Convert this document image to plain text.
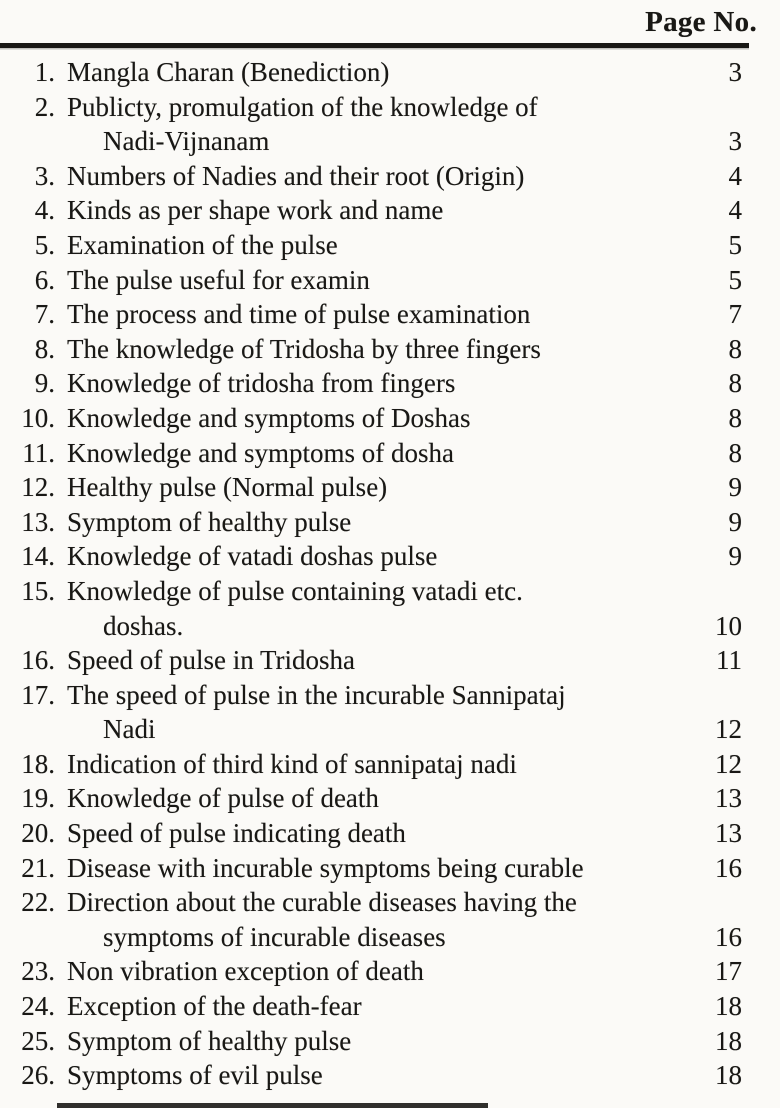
Page No.
1. Mangla Charan (Benediction)	3
2. Publicty, promulgation of the knowledge of
Nadi-Vijnanam	3
3. Numbers of Nadies and their root (Origin)	4
4. Kinds as per shape work and name	4
5. Examination of the pulse	5
6. The pulse useful for examin	5
7. The process and time of pulse examination	7
8. The knowledge of Tridosha by three fingers	8
9. Knowledge of tridosha from fingers	8
10. Knowledge and symptoms of Doshas	8
11. Knowledge and symptoms of dosha	8
12. Healthy pulse (Normal pulse)	9
13. Symptom of healthy pulse	9
14. Knowledge of vatadi doshas pulse	9
15. Knowledge of pulse containing vatadi etc.
doshas.	10
16. Speed of pulse in Tridosha	11
17. The speed of pulse in the incurable Sannipataj
Nadi	12
18. Indication of third kind of sannipataj nadi	12
19. Knowledge of pulse of death	13
20. Speed of pulse indicating death	13
21. Disease with incurable symptoms being curable	16
22. Direction about the curable diseases having the
symptoms of incurable diseases	16
23. Non vibration exception of death	17
24. Exception of the death-fear	18
25. Symptom of healthy pulse	18
26. Symptoms of evil pulse	18
